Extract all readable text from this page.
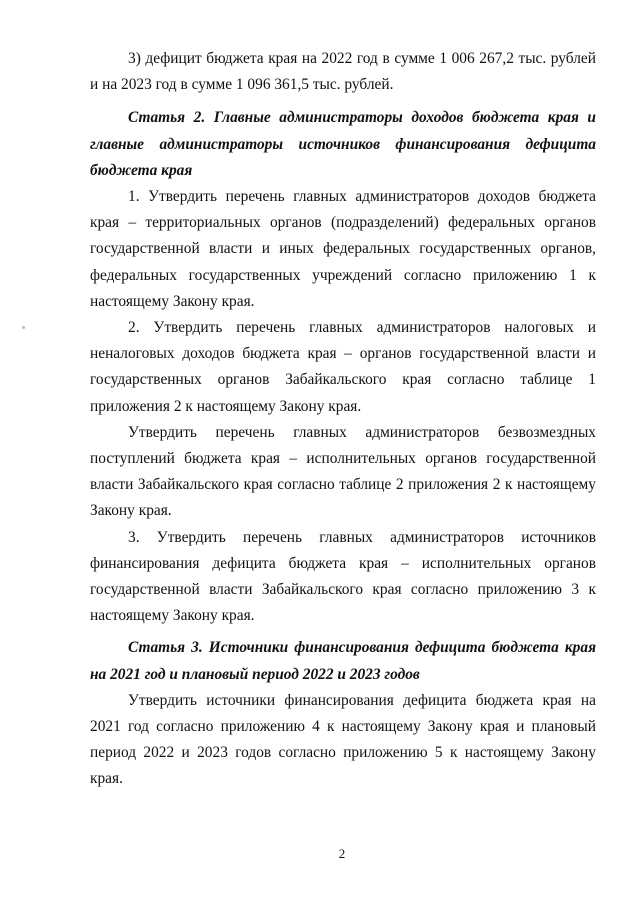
3) дефицит бюджета края на 2022 год в сумме 1 006 267,2 тыс. рублей и на 2023 год в сумме 1 096 361,5 тыс. рублей.

Статья 2. Главные администраторы доходов бюджета края и главные администраторы источников финансирования дефицита бюджета края

1. Утвердить перечень главных администраторов доходов бюджета края – территориальных органов (подразделений) федеральных органов государственной власти и иных федеральных государственных органов, федеральных государственных учреждений согласно приложению 1 к настоящему Закону края.

2. Утвердить перечень главных администраторов налоговых и неналоговых доходов бюджета края – органов государственной власти и государственных органов Забайкальского края согласно таблице 1 приложения 2 к настоящему Закону края.

Утвердить перечень главных администраторов безвозмездных поступлений бюджета края – исполнительных органов государственной власти Забайкальского края согласно таблице 2 приложения 2 к настоящему Закону края.

3. Утвердить перечень главных администраторов источников финансирования дефицита бюджета края – исполнительных органов государственной власти Забайкальского края согласно приложению 3 к настоящему Закону края.

Статья 3. Источники финансирования дефицита бюджета края на 2021 год и плановый период 2022 и 2023 годов

Утвердить источники финансирования дефицита бюджета края на 2021 год согласно приложению 4 к настоящему Закону края и плановый период 2022 и 2023 годов согласно приложению 5 к настоящему Закону края.

2
